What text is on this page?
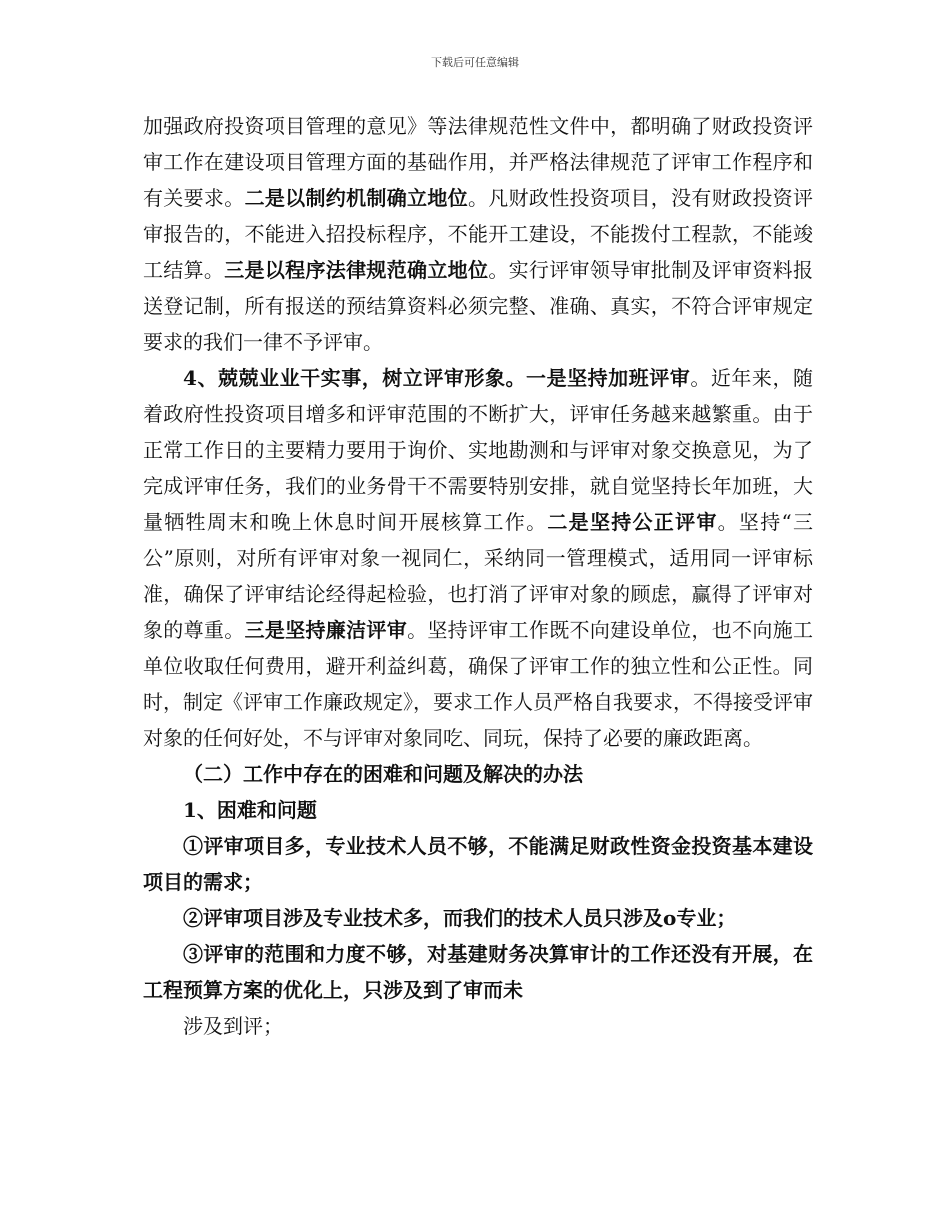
下载后可任意编辑

加强政府投资项目管理的意见》等法律规范性文件中，都明确了财政投资评审工作在建设项目管理方面的基础作用，并严格法律规范了评审工作程序和有关要求。二是以制约机制确立地位。凡财政性投资项目，没有财政投资评审报告的，不能进入招投标程序，不能开工建设，不能拨付工程款，不能竣工结算。三是以程序法律规范确立地位。实行评审领导审批制及评审资料报送登记制，所有报送的预结算资料必须完整、准确、真实，不符合评审规定要求的我们一律不予评审。

4、兢兢业业干实事，树立评审形象。一是坚持加班评审。近年来，随着政府性投资项目增多和评审范围的不断扩大，评审任务越来越繁重。由于正常工作日的主要精力要用于询价、实地勘测和与评审对象交换意见，为了完成评审任务，我们的业务骨干不需要特别安排，就自觉坚持长年加班，大量牺牲周末和晚上休息时间开展核算工作。二是坚持公正评审。坚持“三公”原则，对所有评审对象一视同仁，采纳同一管理模式，适用同一评审标准，确保了评审结论经得起检验，也打消了评审对象的顾虑，赢得了评审对象的尊重。三是坚持廉洁评审。坚持评审工作既不向建设单位，也不向施工单位收取任何费用，避开利益纠葛，确保了评审工作的独立性和公正性。同时，制定《评审工作廉政规定》，要求工作人员严格自我要求，不得接受评审对象的任何好处，不与评审对象同吃、同玩，保持了必要的廉政距离。

（二）工作中存在的困难和问题及解决的办法

1、困难和问题

①评审项目多，专业技术人员不够，不能满足财政性资金投资基本建设项目的需求；

②评审项目涉及专业技术多，而我们的技术人员只涉及o专业；

③评审的范围和力度不够，对基建财务决算审计的工作还没有开展，在工程预算方案的优化上，只涉及到了审而未

涉及到评；
